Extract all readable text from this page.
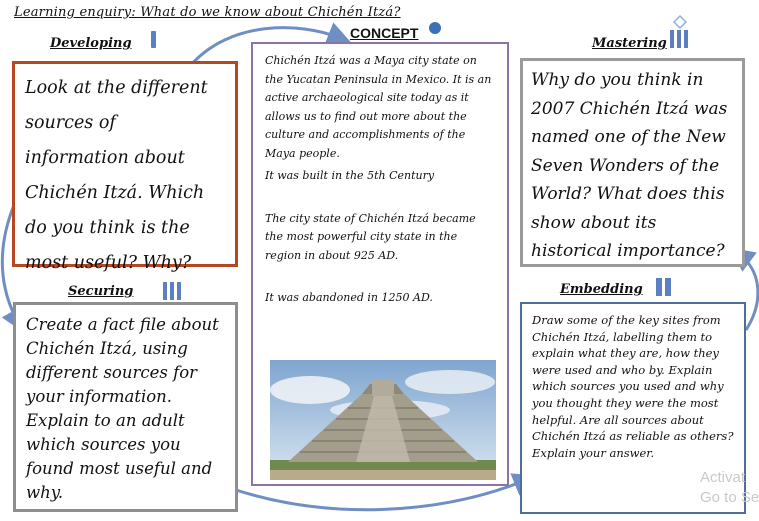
Learning enquiry: What do we know about Chichén Itzá?
CONCEPT
Developing

Look at the different sources of information about Chichén Itzá. Which do you think is the most useful? Why?

Securing

Create a fact file about Chichén Itzá, using different sources for your information. Explain to an adult which sources you found most useful and why.

Chichén Itzá was a Maya city state on the Yucatan Peninsula in Mexico. It is an active archaeological site today as it allows us to find out more about the culture and accomplishments of the Maya people.

It was built in the 5th Century

The city state of Chichén Itzá became the most powerful city state in the region in about 925 AD.

It was abandoned in 1250 AD.

Mastering

Why do you think in 2007 Chichén Itzá was named one of the New Seven Wonders of the World? What does this show about its historical importance?

Embedding

Draw some of the key sites from Chichén Itzá, labelling them to explain what they are, how they were used and who by. Explain which sources you used and why you thought they were the most helpful. Are all sources about Chichén Itzá as reliable as others? Explain your answer.

Activat
Go to Se
